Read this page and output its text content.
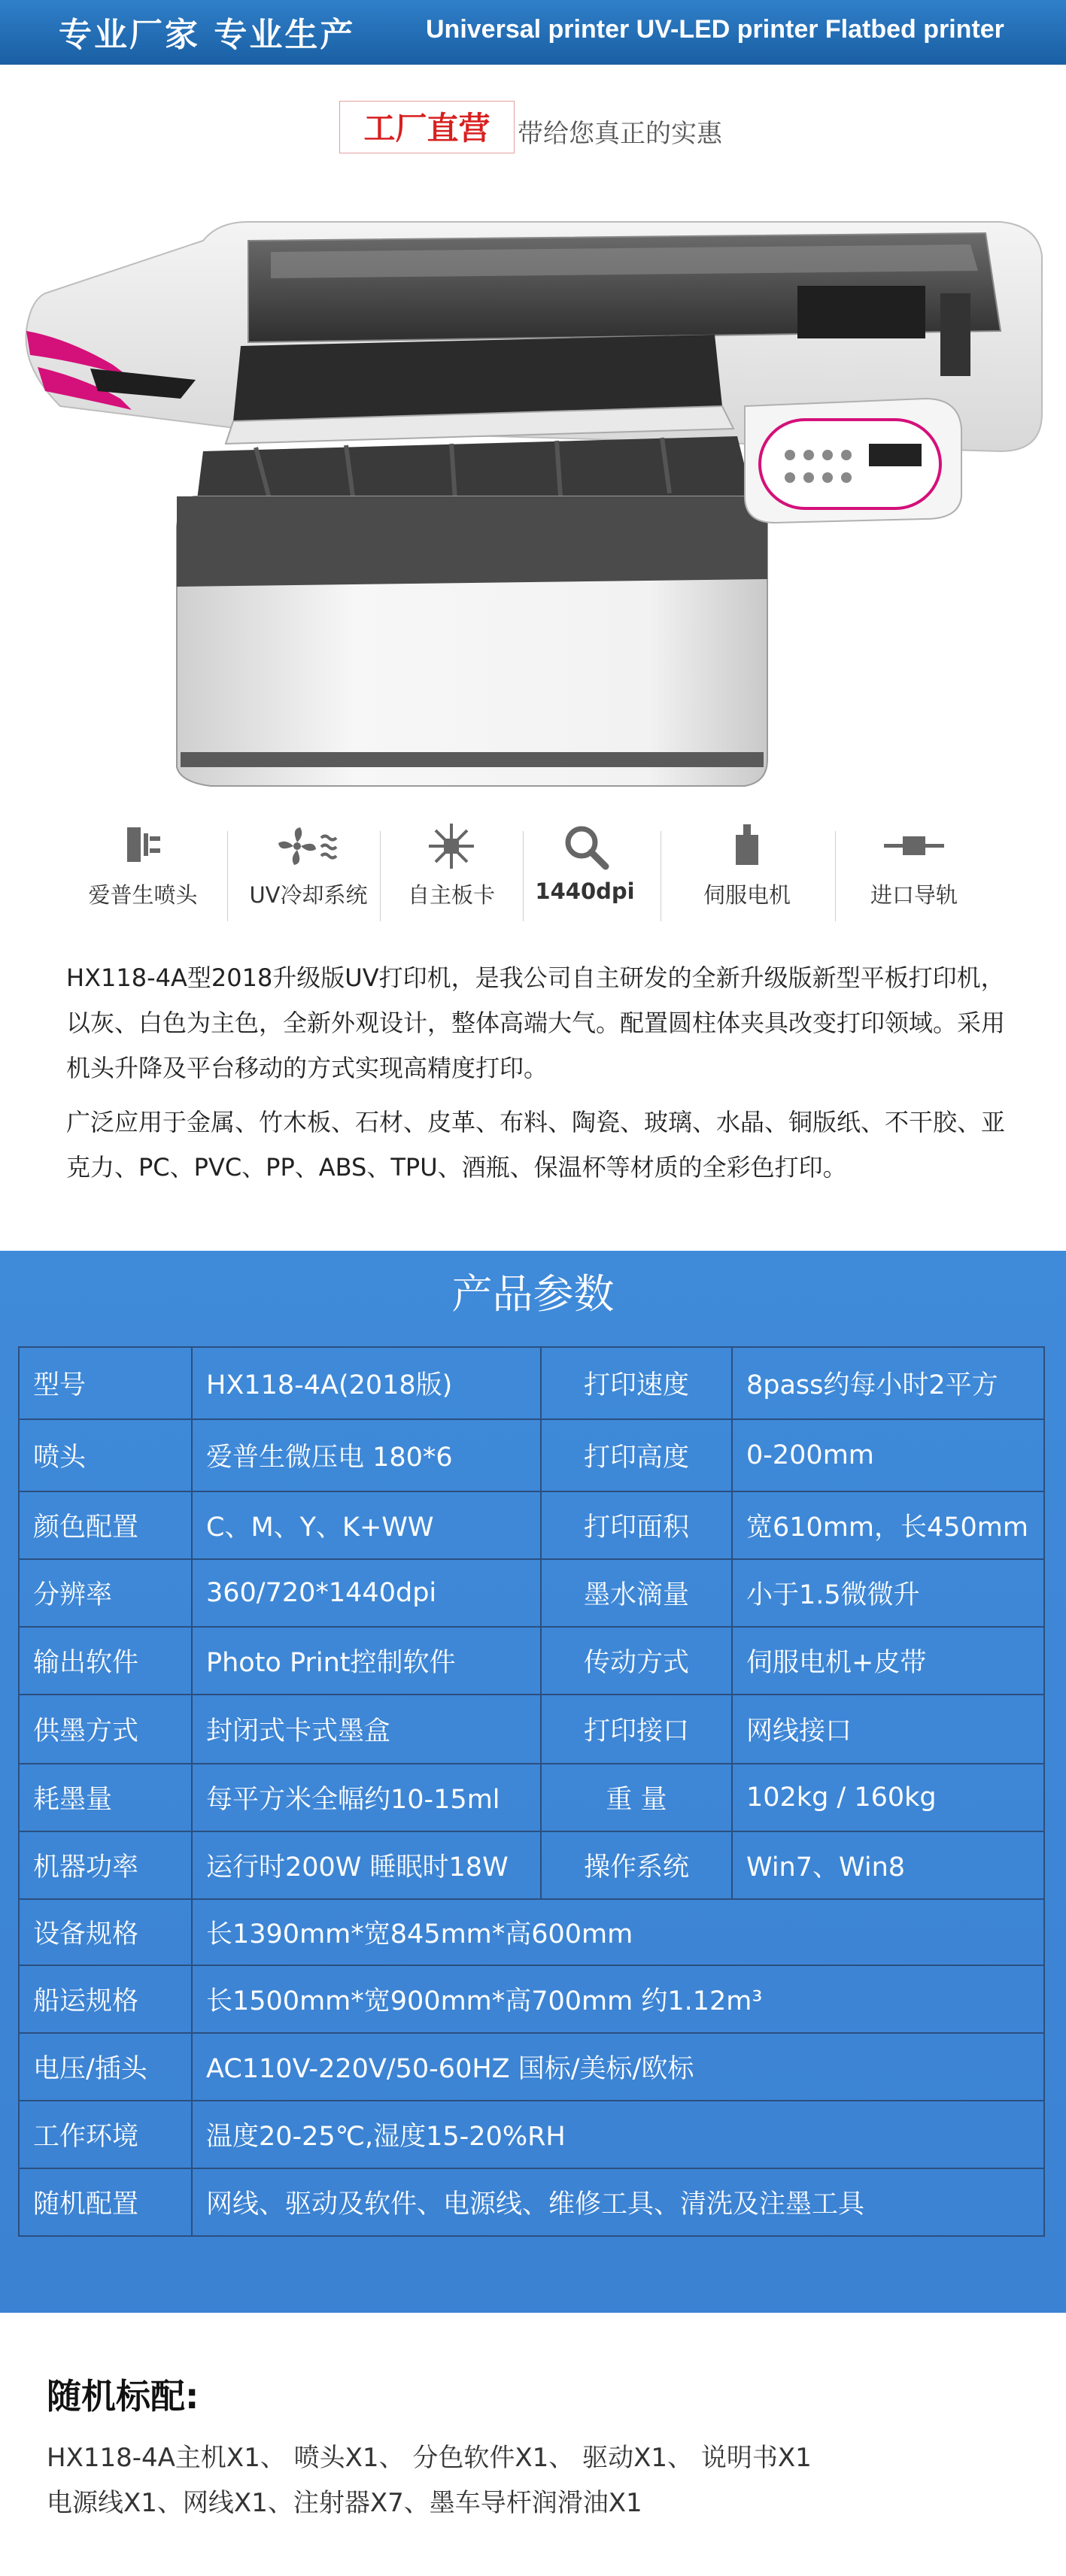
专业厂家 专业生产	Universal printer UV-LED printer Flatbed printer
工厂直营	带给您真正的实惠
爱普生喷头	UV冷却系统	自主板卡	1440dpi	伺服电机	进口导轨
HX118-4A型2018升级版UV打印机，是我公司自主研发的全新升级版新型平板打印机，以灰、白色为主色，全新外观设计，整体高端大气。配置圆柱体夹具改变打印领域。采用机头升降及平台移动的方式实现高精度打印。
广泛应用于金属、竹木板、石材、皮革、布料、陶瓷、玻璃、水晶、铜版纸、不干胶、亚克力、PC、PVC、PP、ABS、TPU、酒瓶、保温杯等材质的全彩色打印。
产品参数
型号	HX118-4A(2018版)	打印速度	8pass约每小时2平方
喷头	爱普生微压电 180*6	打印高度	0-200mm
颜色配置	C、M、Y、K+WW	打印面积	宽610mm，长450mm
分辨率	360/720*1440dpi	墨水滴量	小于1.5微微升
输出软件	Photo Print控制软件	传动方式	伺服电机+皮带
供墨方式	封闭式卡式墨盒	打印接口	网线接口
耗墨量	每平方米全幅约10-15ml	重 量	102kg / 160kg
机器功率	运行时200W 睡眠时18W	操作系统	Win7、Win8
设备规格	长1390mm*宽845mm*高600mm		
船运规格	长1500mm*宽900mm*高700mm 约1.12m³		
电压/插头	AC110V-220V/50-60HZ 国标/美标/欧标		
工作环境	温度20-25℃,湿度15-20%RH		
随机配置	网线、驱动及软件、电源线、维修工具、清洗及注墨工具		
随机标配:
HX118-4A主机X1、 喷头X1、 分色软件X1、 驱动X1、 说明书X1
电源线X1、网线X1、注射器X7、墨车导杆润滑油X1
